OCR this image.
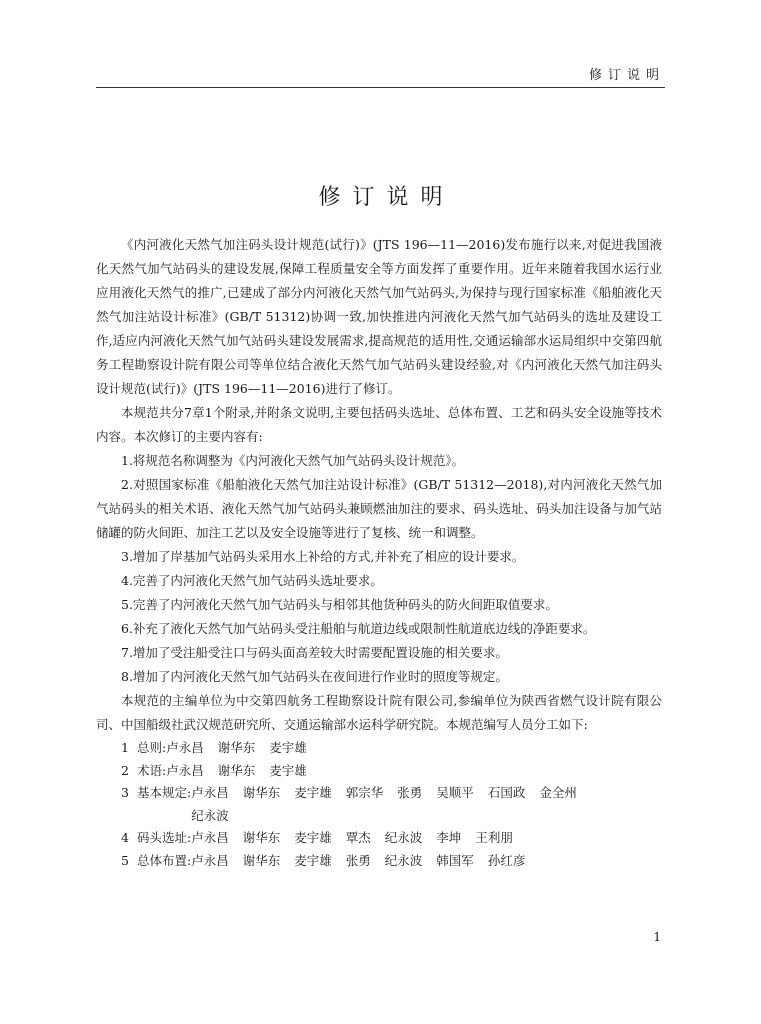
修订说明
修订说明

《内河液化天然气加注码头设计规范(试行)》(JTS 196—11—2016)发布施行以来,对促进我国液化天然气加气站码头的建设发展,保障工程质量安全等方面发挥了重要作用。近年来随着我国水运行业应用液化天然气的推广,已建成了部分内河液化天然气加气站码头,为保持与现行国家标准《船舶液化天然气加注站设计标准》(GB/T 51312)协调一致,加快推进内河液化天然气加气站码头的选址及建设工作,适应内河液化天然气加气站码头建设发展需求,提高规范的适用性,交通运输部水运局组织中交第四航务工程勘察设计院有限公司等单位结合液化天然气加气站码头建设经验,对《内河液化天然气加注码头设计规范(试行)》(JTS 196—11—2016)进行了修订。

本规范共分7章1个附录,并附条文说明,主要包括码头选址、总体布置、工艺和码头安全设施等技术内容。本次修订的主要内容有:

1.将规范名称调整为《内河液化天然气加气站码头设计规范》。

2.对照国家标准《船舶液化天然气加注站设计标准》(GB/T 51312—2018),对内河液化天然气加气站码头的相关术语、液化天然气加气站码头兼顾燃油加注的要求、码头选址、码头加注设备与加气站储罐的防火间距、加注工艺以及安全设施等进行了复核、统一和调整。

3.增加了岸基加气站码头采用水上补给的方式,并补充了相应的设计要求。

4.完善了内河液化天然气加气站码头选址要求。

5.完善了内河液化天然气加气站码头与相邻其他货种码头的防火间距取值要求。

6.补充了液化天然气加气站码头受注船舶与航道边线或限制性航道底边线的净距要求。

7.增加了受注船受注口与码头面高差较大时需要配置设施的相关要求。

8.增加了内河液化天然气加气站码头在夜间进行作业时的照度等规定。

本规范的主编单位为中交第四航务工程勘察设计院有限公司,参编单位为陕西省燃气设计院有限公司、中国船级社武汉规范研究所、交通运输部水运科学研究院。本规范编写人员分工如下:

1 总则: 卢永昌 谢华东 麦宇雄
2 术语: 卢永昌 谢华东 麦宇雄
3 基本规定: 卢永昌 谢华东 麦宇雄 郭宗华 张勇 吴顺平 石国政 金全州
纪永波
4 码头选址: 卢永昌 谢华东 麦宇雄 覃杰 纪永波 李坤 王利朋
5 总体布置: 卢永昌 谢华东 麦宇雄 张勇 纪永波 韩国军 孙红彦
1
